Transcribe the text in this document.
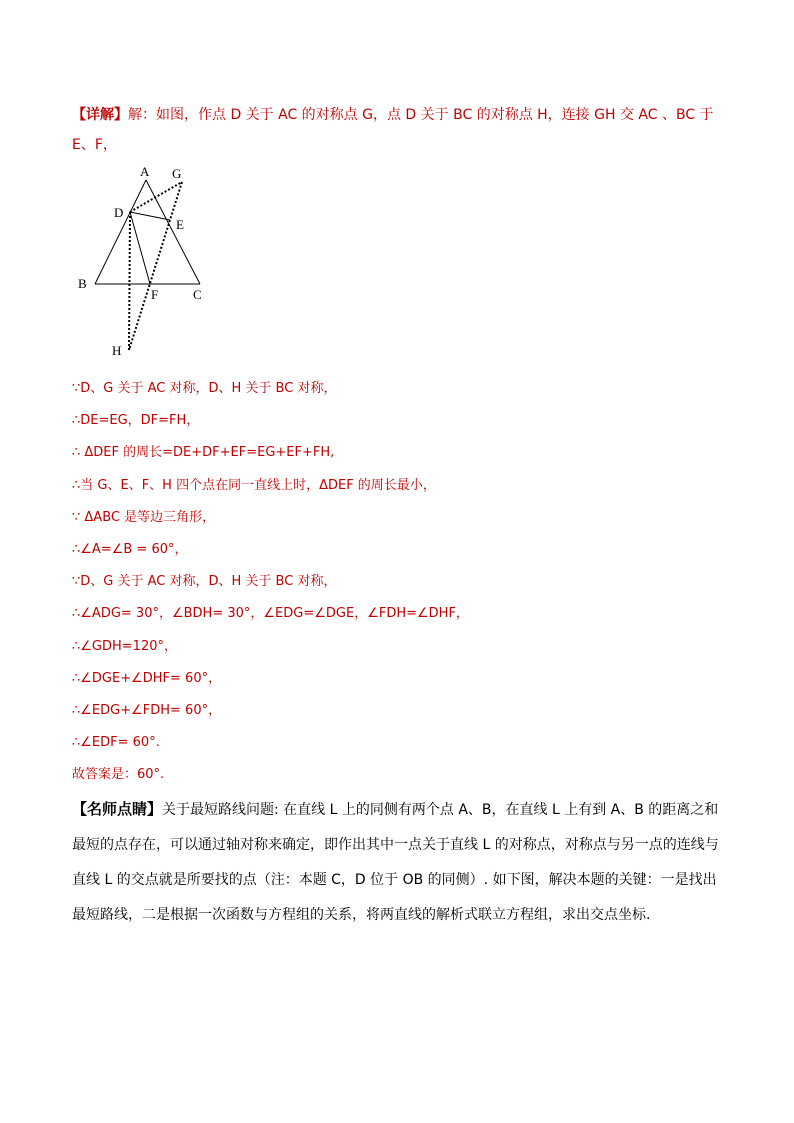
【详解】解：如图，作点 D 关于 AC 的对称点 G，点 D 关于 BC 的对称点 H，连接 GH 交 AC 、BC 于 E、F，
A G
D
E
B
F	C
H
∵D、G 关于 AC 对称，D、H 关于 BC 对称，
∴DE=EG，DF=FH，
∴ ΔDEF 的周长=DE+DF+EF=EG+EF+FH,
∴当 G、E、F、H 四个点在同一直线上时，ΔDEF 的周长最小，
∵ ΔABC 是等边三角形，
∴∠A=∠B = 60°，
∵D、G 关于 AC 对称，D、H 关于 BC 对称，
∴∠ADG= 30°，∠BDH= 30°，∠EDG=∠DGE，∠FDH=∠DHF，
∴∠GDH=120°，
∴∠DGE+∠DHF= 60°，
∴∠EDG+∠FDH= 60°，
∴∠EDF= 60°.
故答案是：60°.
【名师点睛】关于最短路线问题: 在直线 L 上的同侧有两个点 A、B，在直线 L 上有到 A、B 的距离之和最短的点存在，可以通过轴对称来确定，即作出其中一点关于直线 L 的对称点，对称点与另一点的连线与直线 L 的交点就是所要找的点（注：本题 C，D 位于 OB 的同侧）. 如下图，解决本题的关键：一是找出最短路线，二是根据一次函数与方程组的关系，将两直线的解析式联立方程组，求出交点坐标.
